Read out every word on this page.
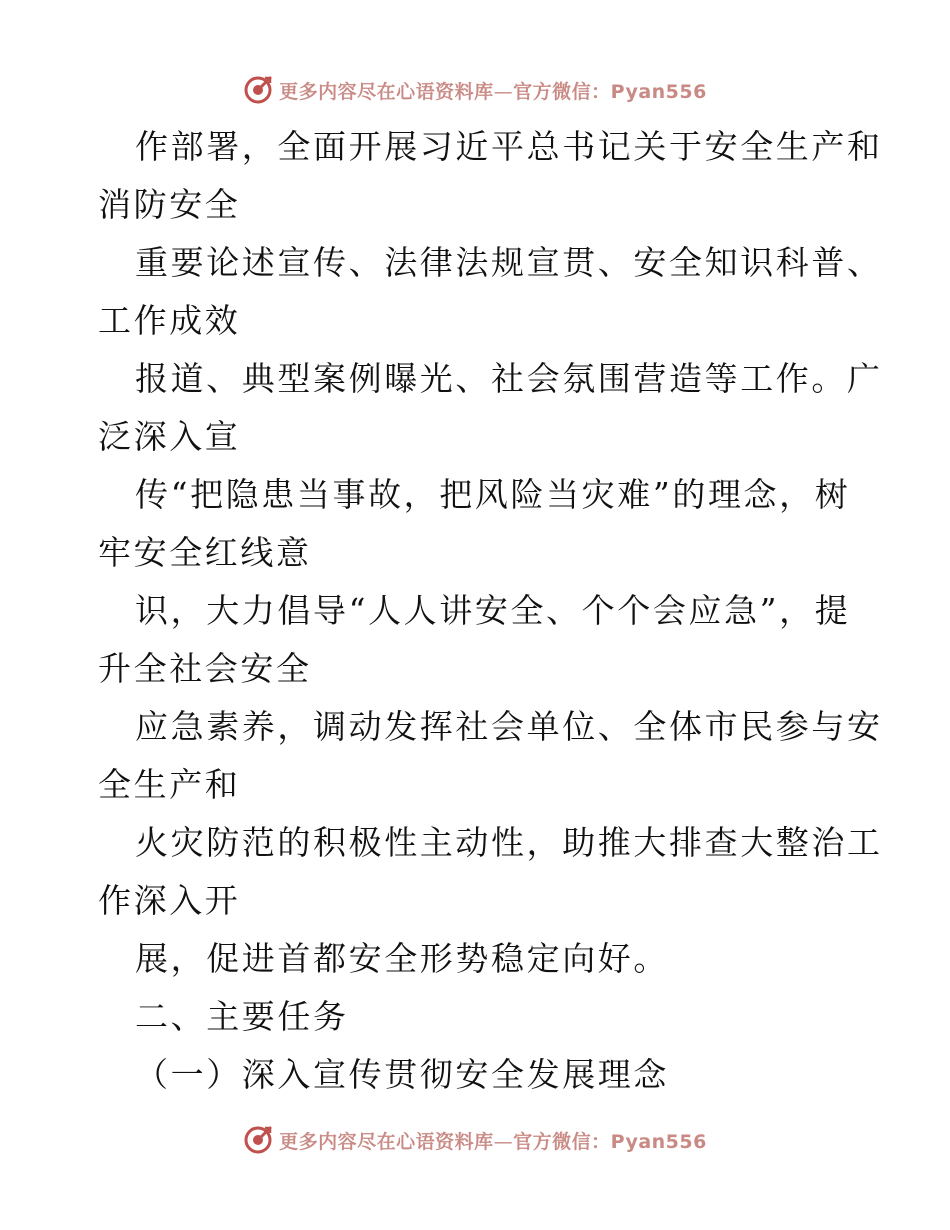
更多内容尽在心语资料库—官方微信：Pyan556
作部署，全面开展习近平总书记关于安全生产和
消防安全
重要论述宣传、法律法规宣贯、安全知识科普、
工作成效
报道、典型案例曝光、社会氛围营造等工作。广
泛深入宣
传“把隐患当事故，把风险当灾难”的理念，树
牢安全红线意
识，大力倡导“人人讲安全、个个会应急”，提
升全社会安全
应急素养，调动发挥社会单位、全体市民参与安
全生产和
火灾防范的积极性主动性，助推大排查大整治工
作深入开
展，促进首都安全形势稳定向好。
二、主要任务
（一）深入宣传贯彻安全发展理念
更多内容尽在心语资料库—官方微信：Pyan556
